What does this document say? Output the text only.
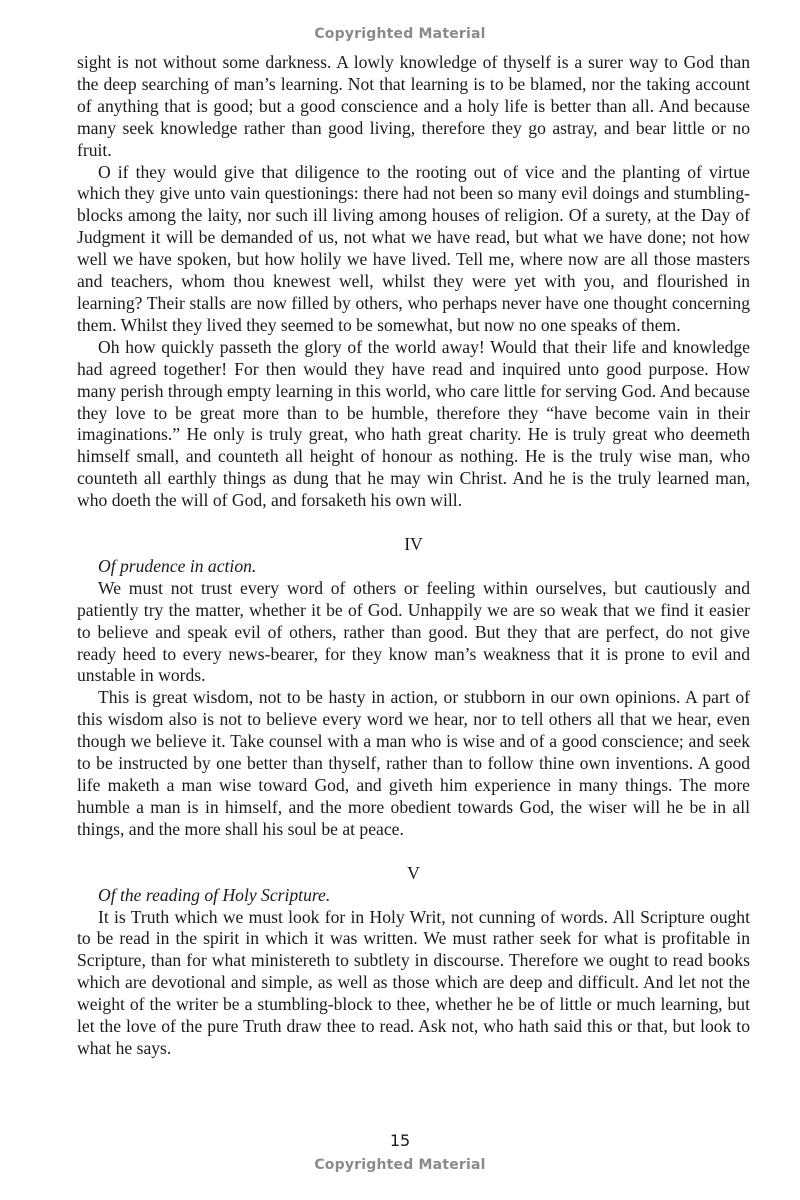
Copyrighted Material

sight is not without some darkness. A lowly knowledge of thyself is a surer way to God than the deep searching of man’s learning. Not that learning is to be blamed, nor the taking account of anything that is good; but a good conscience and a holy life is better than all. And because many seek knowledge rather than good living, therefore they go astray, and bear little or no fruit.

O if they would give that diligence to the rooting out of vice and the planting of virtue which they give unto vain questionings: there had not been so many evil doings and stumbling-blocks among the laity, nor such ill living among houses of religion. Of a surety, at the Day of Judgment it will be demanded of us, not what we have read, but what we have done; not how well we have spoken, but how holily we have lived. Tell me, where now are all those masters and teachers, whom thou knewest well, whilst they were yet with you, and flourished in learning? Their stalls are now filled by others, who perhaps never have one thought concerning them. Whilst they lived they seemed to be somewhat, but now no one speaks of them.

Oh how quickly passeth the glory of the world away! Would that their life and knowledge had agreed together! For then would they have read and inquired unto good purpose. How many perish through empty learning in this world, who care little for serving God. And because they love to be great more than to be humble, therefore they “have become vain in their imaginations.” He only is truly great, who hath great charity. He is truly great who deemeth himself small, and counteth all height of honour as nothing. He is the truly wise man, who counteth all earthly things as dung that he may win Christ. And he is the truly learned man, who doeth the will of God, and forsaketh his own will.

IV

Of prudence in action.

We must not trust every word of others or feeling within ourselves, but cautiously and patiently try the matter, whether it be of God. Unhappily we are so weak that we find it easier to believe and speak evil of others, rather than good. But they that are perfect, do not give ready heed to every news-bearer, for they know man’s weakness that it is prone to evil and unstable in words.

This is great wisdom, not to be hasty in action, or stubborn in our own opinions. A part of this wisdom also is not to believe every word we hear, nor to tell others all that we hear, even though we believe it. Take counsel with a man who is wise and of a good conscience; and seek to be instructed by one better than thyself, rather than to follow thine own inventions. A good life maketh a man wise toward God, and giveth him experience in many things. The more humble a man is in himself, and the more obedient towards God, the wiser will he be in all things, and the more shall his soul be at peace.

V

Of the reading of Holy Scripture.

It is Truth which we must look for in Holy Writ, not cunning of words. All Scripture ought to be read in the spirit in which it was written. We must rather seek for what is profitable in Scripture, than for what ministereth to subtlety in discourse. Therefore we ought to read books which are devotional and simple, as well as those which are deep and difficult. And let not the weight of the writer be a stumbling-block to thee, whether he be of little or much learning, but let the love of the pure Truth draw thee to read. Ask not, who hath said this or that, but look to what he says.

15
Copyrighted Material
